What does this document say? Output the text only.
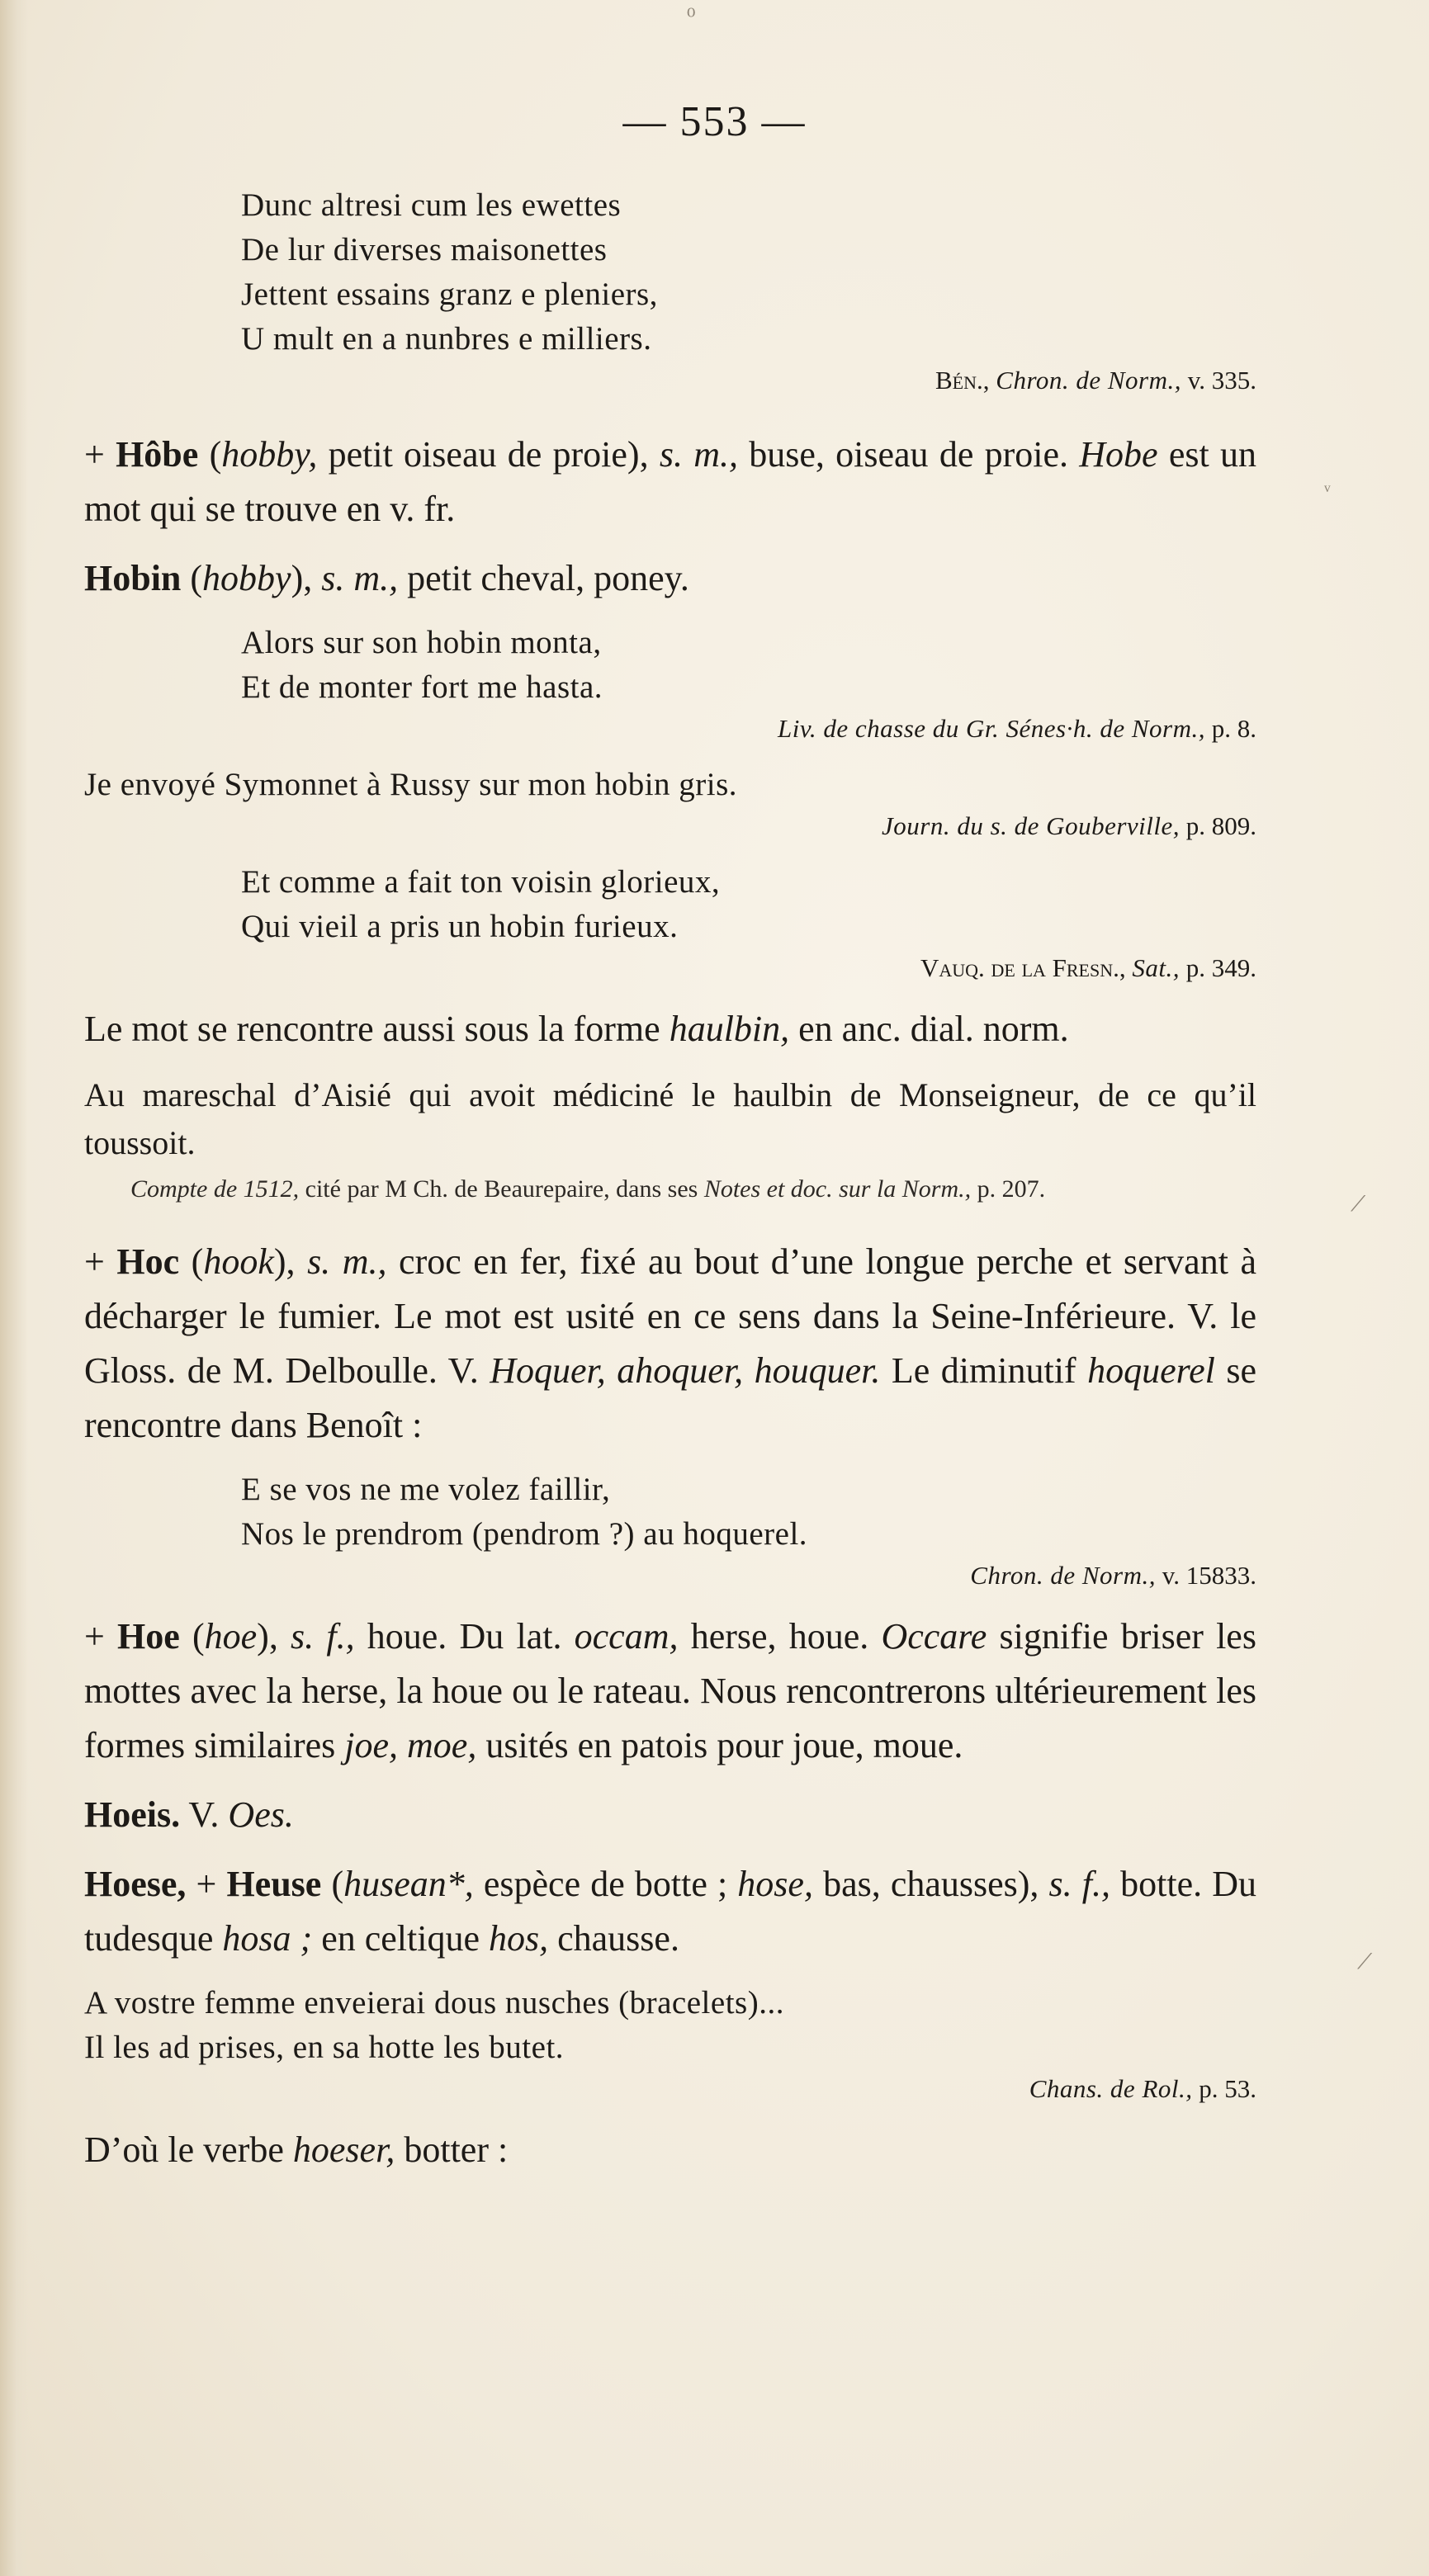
⁰
ᵛ
⟋
⟋
— 553 —
Dunc altresi cum les ewettes
De lur diverses maisonettes
Jettent essains granz e pleniers,
U mult en a nunbres e milliers.

Bén., Chron. de Norm., v. 335.

+ Hôbe (hobby, petit oiseau de proie), s. m., buse, oiseau de proie. Hobe est un mot qui se trouve en v. fr.

Hobin (hobby), s. m., petit cheval, poney.

Alors sur son hobin monta,
Et de monter fort me hasta.

Liv. de chasse du Gr. Sénes∙h. de Norm., p. 8.

Je envoyé Symonnet à Russy sur mon hobin gris.

Journ. du s. de Gouberville, p. 809.

Et comme a fait ton voisin glorieux,
Qui vieil a pris un hobin furieux.

Vauq. de la Fresn., Sat., p. 349.

Le mot se rencontre aussi sous la forme haulbin, en anc. dial. norm.

Au mareschal d’Aisié qui avoit médiciné le haulbin de Monseigneur, de ce qu’il toussoit.

Compte de 1512, cité par M Ch. de Beaurepaire, dans ses Notes et doc. sur la Norm., p. 207.

+ Hoc (hook), s. m., croc en fer, fixé au bout d’une longue perche et servant à décharger le fumier. Le mot est usité en ce sens dans la Seine-Inférieure. V. le Gloss. de M. Delboulle. V. Hoquer, ahoquer, houquer. Le diminutif hoquerel se rencontre dans Benoît :

E se vos ne me volez faillir,
Nos le prendrom (pendrom ?) au hoquerel.

Chron. de Norm., v. 15833.

+ Hoe (hoe), s. f., houe. Du lat. occam, herse, houe. Occare signifie briser les mottes avec la herse, la houe ou le rateau. Nous rencontrerons ultérieurement les formes similaires joe, moe, usités en patois pour joue, moue.

Hoeis. V. Oes.

Hoese, + Heuse (husean*, espèce de botte ; hose, bas, chausses), s. f., botte. Du tudesque hosa ; en celtique hos, chausse.

A vostre femme enveierai dous nusches (bracelets)...
Il les ad prises, en sa hotte les butet.

Chans. de Rol., p. 53.

D’où le verbe hoeser, botter :
